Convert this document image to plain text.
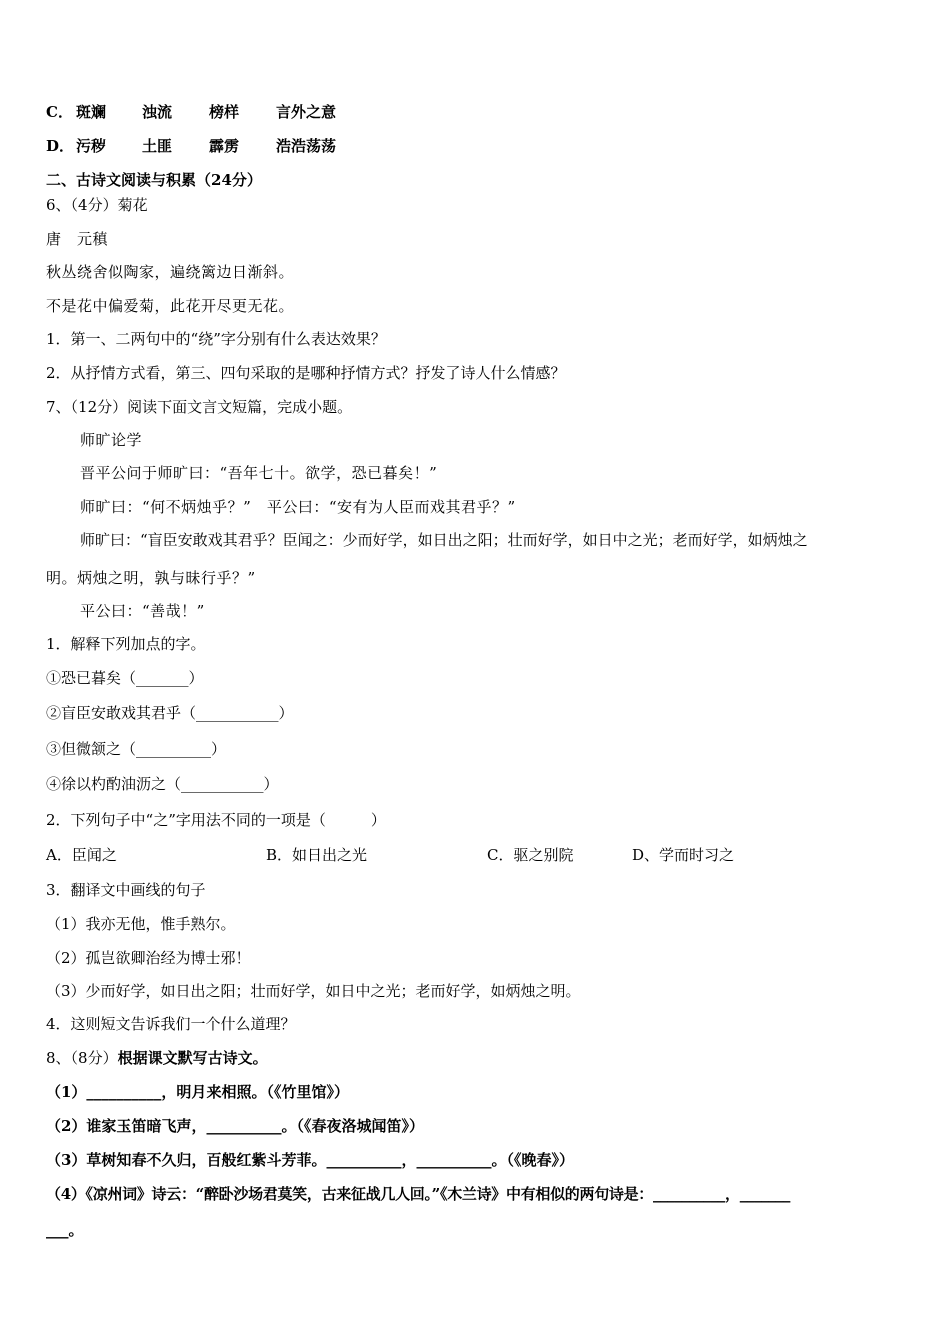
C． 斑斓 浊流 榜样 言外之意
D． 污秽 土匪 霹雳 浩浩荡荡
二、古诗文阅读与积累（24分）
6、（4分）菊花
唐　元稹
秋丛绕舍似陶家，遍绕篱边日渐斜。
不是花中偏爱菊，此花开尽更无花。
1．第一、二两句中的“绕”字分别有什么表达效果？
2．从抒情方式看，第三、四句采取的是哪种抒情方式？抒发了诗人什么情感？
7、（12分）阅读下面文言文短篇，完成小题。
师旷论学
晋平公问于师旷曰：“吾年七十。欲学，恐已暮矣！”
师旷曰：“何不炳烛乎？”　平公曰：“安有为人臣而戏其君乎？”
师旷曰：“盲臣安敢戏其君乎？臣闻之：少而好学，如日出之阳；壮而好学，如日中之光；老而好学，如炳烛之
明。炳烛之明，孰与昧行乎？”
平公曰：“善哉！”
1．解释下列加点的字。
①恐已暮矣（_______）
②盲臣安敢戏其君乎（___________）
③但微颔之（__________）
④徐以杓酌油沥之（___________）
2．下列句子中“之”字用法不同的一项是（　　　）
A．臣闻之	B．如日出之光	C．驱之别院	D、学而时习之
3．翻译文中画线的句子
（1）我亦无他，惟手熟尔。
（2）孤岂欲卿治经为博士邪！
（3）少而好学，如日出之阳；壮而好学，如日中之光；老而好学，如炳烛之明。
4．这则短文告诉我们一个什么道理？
8、（8分）根据课文默写古诗文。
（1）__________，明月来相照。（《竹里馆》）
（2）谁家玉笛暗飞声，__________。（《春夜洛城闻笛》）
（3）草树知春不久归，百般红紫斗芳菲。__________，__________。（《晚春》）
（4）《凉州词》诗云：“醉卧沙场君莫笑，古来征战几人回。”《木兰诗》中有相似的两句诗是：__________，_______
___。
